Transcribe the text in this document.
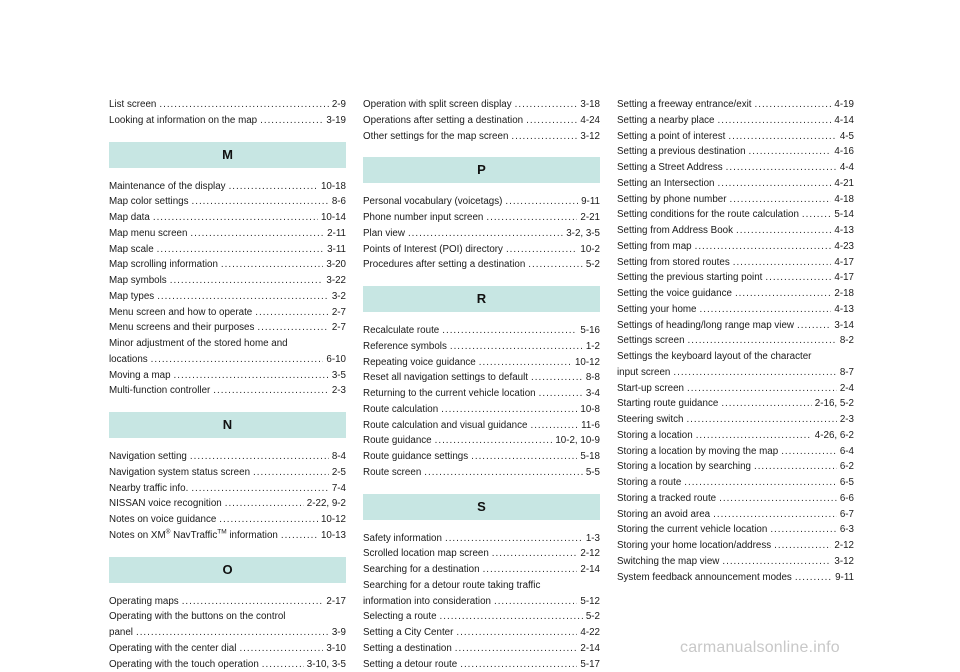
List screen .....	2-9
Looking at information on the map .....	3-19
M
Maintenance of the display .....	10-18
Map color settings .....	8-6
Map data .....	10-14
Map menu screen .....	2-11
Map scale .....	3-11
Map scrolling information .....	3-20
Map symbols .....	3-22
Map types .....	3-2
Menu screen and how to operate .....	2-7
Menu screens and their purposes .....	2-7
Minor adjustment of the stored home and
locations .....	6-10
Moving a map .....	3-5
Multi-function controller .....	2-3
N
Navigation setting .....	8-4
Navigation system status screen .....	2-5
Nearby traffic info. .....	7-4
NISSAN voice recognition .....	2-22, 9-2
Notes on voice guidance .....	10-12
Notes on XM® NavTraffic™ information .....	10-13
O
Operating maps .....	2-17
Operating with the buttons on the control
panel .....	3-9
Operating with the center dial .....	3-10
Operating with the touch operation .....	3-10, 3-5
Operation with split screen display .....	3-18
Operations after setting a destination .....	4-24
Other settings for the map screen .....	3-12
P
Personal vocabulary (voicetags) .....	9-11
Phone number input screen .....	2-21
Plan view .....	3-2, 3-5
Points of Interest (POI) directory .....	10-2
Procedures after setting a destination .....	5-2
R
Recalculate route .....	5-16
Reference symbols .....	1-2
Repeating voice guidance .....	10-12
Reset all navigation settings to default .....	8-8
Returning to the current vehicle location .....	3-4
Route calculation .....	10-8
Route calculation and visual guidance .....	11-6
Route guidance .....	10-2, 10-9
Route guidance settings .....	5-18
Route screen .....	5-5
S
Safety information .....	1-3
Scrolled location map screen .....	2-12
Searching for a destination .....	2-14
Searching for a detour route taking traffic
information into consideration .....	5-12
Selecting a route .....	5-2
Setting a City Center .....	4-22
Setting a destination .....	2-14
Setting a detour route .....	5-17
Setting a freeway entrance/exit .....	4-19
Setting a nearby place .....	4-14
Setting a point of interest .....	4-5
Setting a previous destination .....	4-16
Setting a Street Address .....	4-4
Setting an Intersection .....	4-21
Setting by phone number .....	4-18
Setting conditions for the route calculation .....	5-14
Setting from Address Book .....	4-13
Setting from map .....	4-23
Setting from stored routes .....	4-17
Setting the previous starting point .....	4-17
Setting the voice guidance .....	2-18
Setting your home .....	4-13
Settings of heading/long range map view .....	3-14
Settings screen .....	8-2
Settings the keyboard layout of the character
input screen .....	8-7
Start-up screen .....	2-4
Starting route guidance .....	2-16, 5-2
Steering switch .....	2-3
Storing a location .....	4-26, 6-2
Storing a location by moving the map .....	6-4
Storing a location by searching .....	6-2
Storing a route .....	6-5
Storing a tracked route .....	6-6
Storing an avoid area .....	6-7
Storing the current vehicle location .....	6-3
Storing your home location/address .....	2-12
Switching the map view .....	3-12
System feedback announcement modes .....	9-11
carmanualsonline.info
